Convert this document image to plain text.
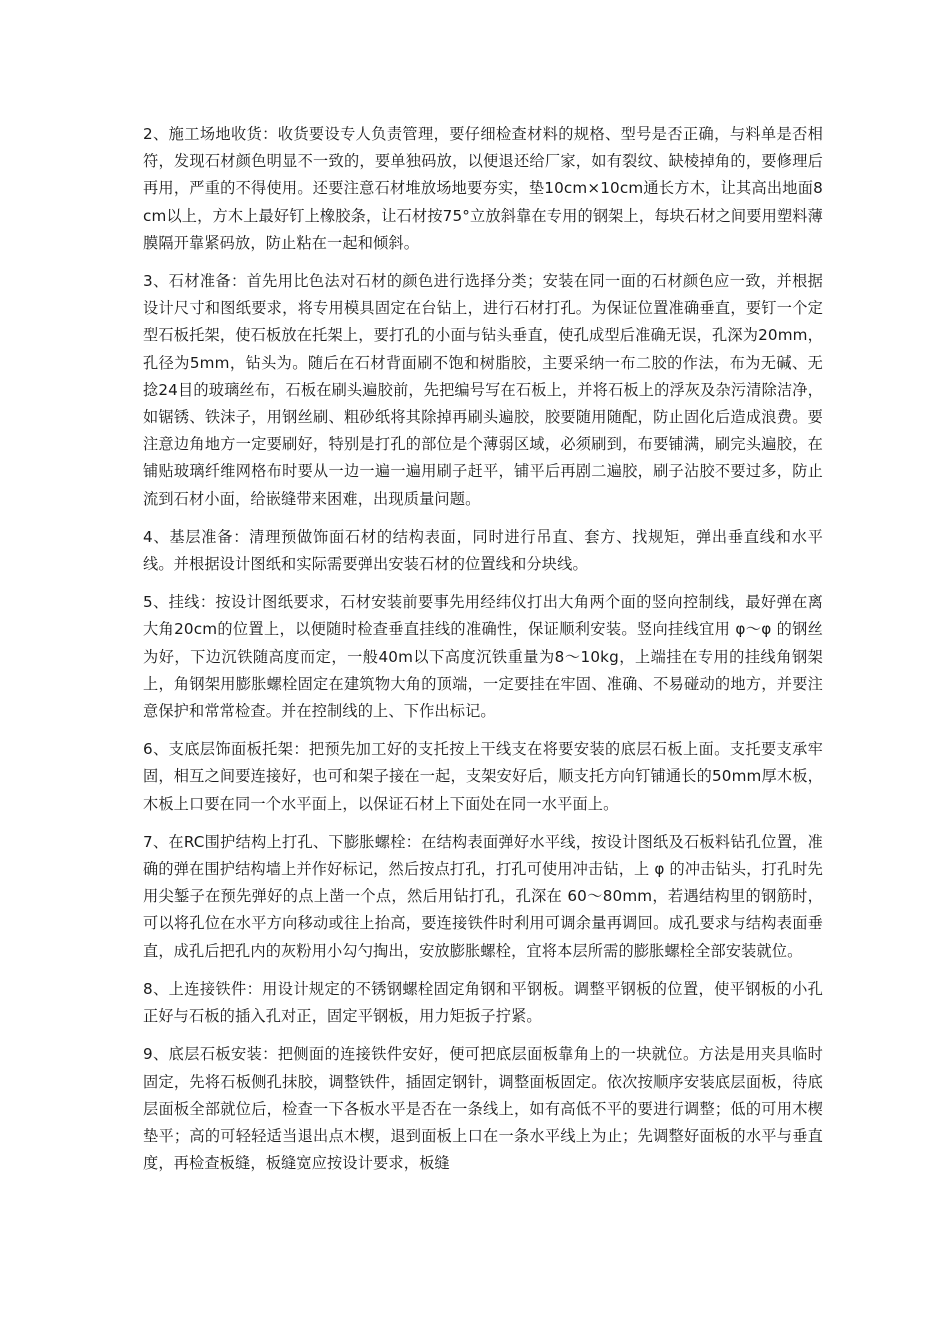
2、施工场地收货：收货要设专人负责管理，要仔细检查材料的规格、型号是否正确，与料单是否相符，发现石材颜色明显不一致的，要单独码放，以便退还给厂家，如有裂纹、缺棱掉角的，要修理后再用，严重的不得使用。还要注意石材堆放场地要夯实，垫10cm×10cm通长方木，让其高出地面8cm以上，方木上最好钉上橡胶条，让石材按75°立放斜靠在专用的钢架上，每块石材之间要用塑料薄膜隔开靠紧码放，防止粘在一起和倾斜。

3、石材准备：首先用比色法对石材的颜色进行选择分类；安装在同一面的石材颜色应一致，并根据设计尺寸和图纸要求，将专用模具固定在台钻上，进行石材打孔。为保证位置准确垂直，要钉一个定型石板托架，使石板放在托架上，要打孔的小面与钻头垂直，使孔成型后准确无误，孔深为20mm，孔径为5mm，钻头为。随后在石材背面刷不饱和树脂胶，主要采纳一布二胶的作法，布为无碱、无捻24目的玻璃丝布，石板在刷头遍胶前，先把编号写在石板上，并将石板上的浮灰及杂污清除洁净，如锯锈、铁沫子，用钢丝刷、粗砂纸将其除掉再刷头遍胶，胶要随用随配，防止固化后造成浪费。要注意边角地方一定要刷好，特别是打孔的部位是个薄弱区域，必须刷到，布要铺满，刷完头遍胶，在铺贴玻璃纤维网格布时要从一边一遍一遍用刷子赶平，铺平后再剧二遍胶，刷子沾胶不要过多，防止流到石材小面，给嵌缝带来困难，出现质量问题。

4、基层准备：清理预做饰面石材的结构表面，同时进行吊直、套方、找规矩，弹出垂直线和水平线。并根据设计图纸和实际需要弹出安装石材的位置线和分块线。

5、挂线：按设计图纸要求，石材安装前要事先用经纬仪打出大角两个面的竖向控制线，最好弹在离大角20cm的位置上，以便随时检查垂直挂线的准确性，保证顺利安装。竖向挂线宜用 φ～φ 的钢丝为好，下边沉铁随高度而定，一般40m以下高度沉铁重量为8～10kg，上端挂在专用的挂线角钢架上，角钢架用膨胀螺栓固定在建筑物大角的顶端，一定要挂在牢固、准确、不易碰动的地方，并要注意保护和常常检查。并在控制线的上、下作出标记。

6、支底层饰面板托架：把预先加工好的支托按上干线支在将要安装的底层石板上面。支托要支承牢固，相互之间要连接好，也可和架子接在一起，支架安好后，顺支托方向钉铺通长的50mm厚木板，木板上口要在同一个水平面上，以保证石材上下面处在同一水平面上。

7、在RC围护结构上打孔、下膨胀螺栓：在结构表面弹好水平线，按设计图纸及石板料钻孔位置，准确的弹在围护结构墙上并作好标记，然后按点打孔，打孔可使用冲击钻，上 φ 的冲击钻头，打孔时先用尖錾子在预先弹好的点上凿一个点，然后用钻打孔，孔深在 60～80mm，若遇结构里的钢筋时，可以将孔位在水平方向移动或往上抬高，要连接铁件时利用可调余量再调回。成孔要求与结构表面垂直，成孔后把孔内的灰粉用小勾勺掏出，安放膨胀螺栓，宜将本层所需的膨胀螺栓全部安装就位。

8、上连接铁件：用设计规定的不锈钢螺栓固定角钢和平钢板。调整平钢板的位置，使平钢板的小孔正好与石板的插入孔对正，固定平钢板，用力矩扳子拧紧。

9、底层石板安装：把侧面的连接铁件安好，便可把底层面板靠角上的一块就位。方法是用夹具临时固定，先将石板侧孔抹胶，调整铁件，插固定钢针，调整面板固定。依次按顺序安装底层面板，待底层面板全部就位后，检查一下各板水平是否在一条线上，如有高低不平的要进行调整；低的可用木楔垫平；高的可轻轻适当退出点木楔，退到面板上口在一条水平线上为止；先调整好面板的水平与垂直度，再检查板缝，板缝宽应按设计要求，板缝
